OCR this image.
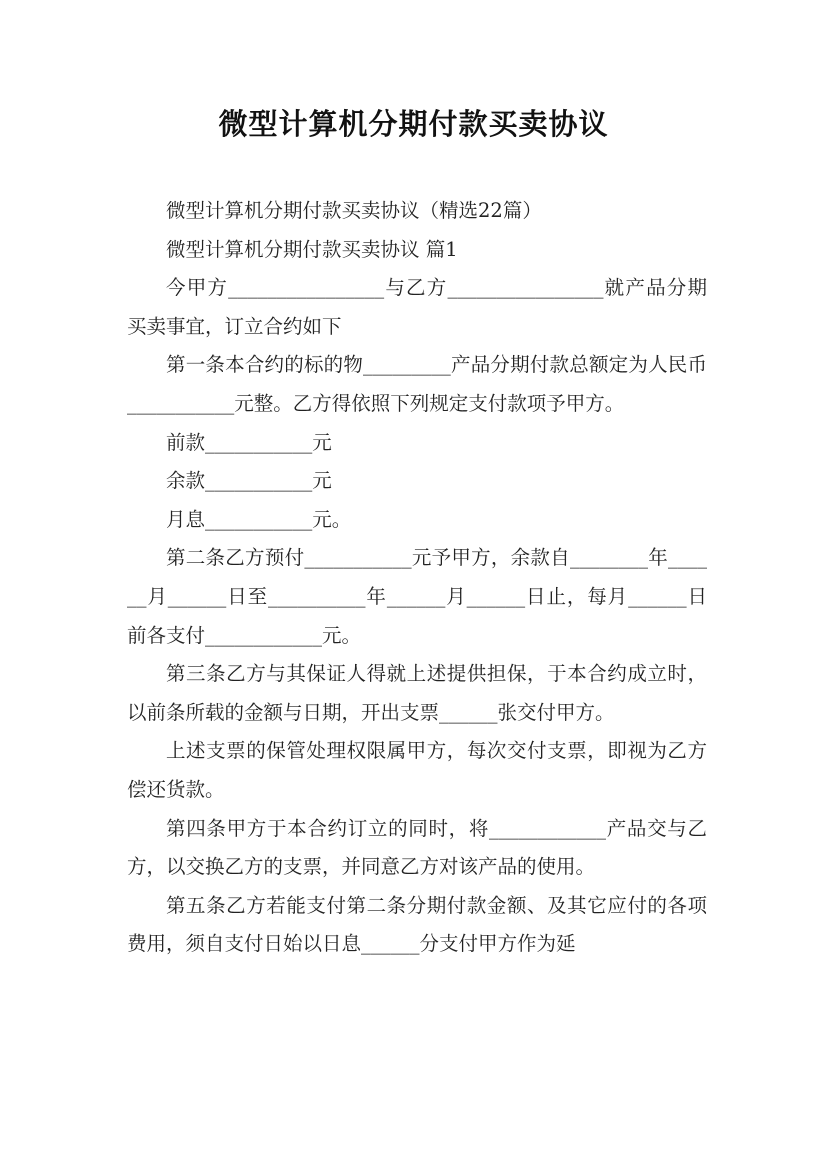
微型计算机分期付款买卖协议

微型计算机分期付款买卖协议（精选22篇）

微型计算机分期付款买卖协议 篇1

今甲方________________与乙方________________就产品分期买卖事宜，订立合约如下

第一条本合约的标的物_________产品分期付款总额定为人民币___________元整。乙方得依照下列规定支付款项予甲方。

前款___________元

余款___________元

月息___________元。

第二条乙方预付___________元予甲方，余款自________年______月______日至__________年______月______日止，每月______日前各支付____________元。

第三条乙方与其保证人得就上述提供担保，于本合约成立时，以前条所载的金额与日期，开出支票______张交付甲方。

上述支票的保管处理权限属甲方，每次交付支票，即视为乙方偿还货款。

第四条甲方于本合约订立的同时，将____________产品交与乙方，以交换乙方的支票，并同意乙方对该产品的使用。

第五条乙方若能支付第二条分期付款金额、及其它应付的各项费用，须自支付日始以日息______分支付甲方作为延
